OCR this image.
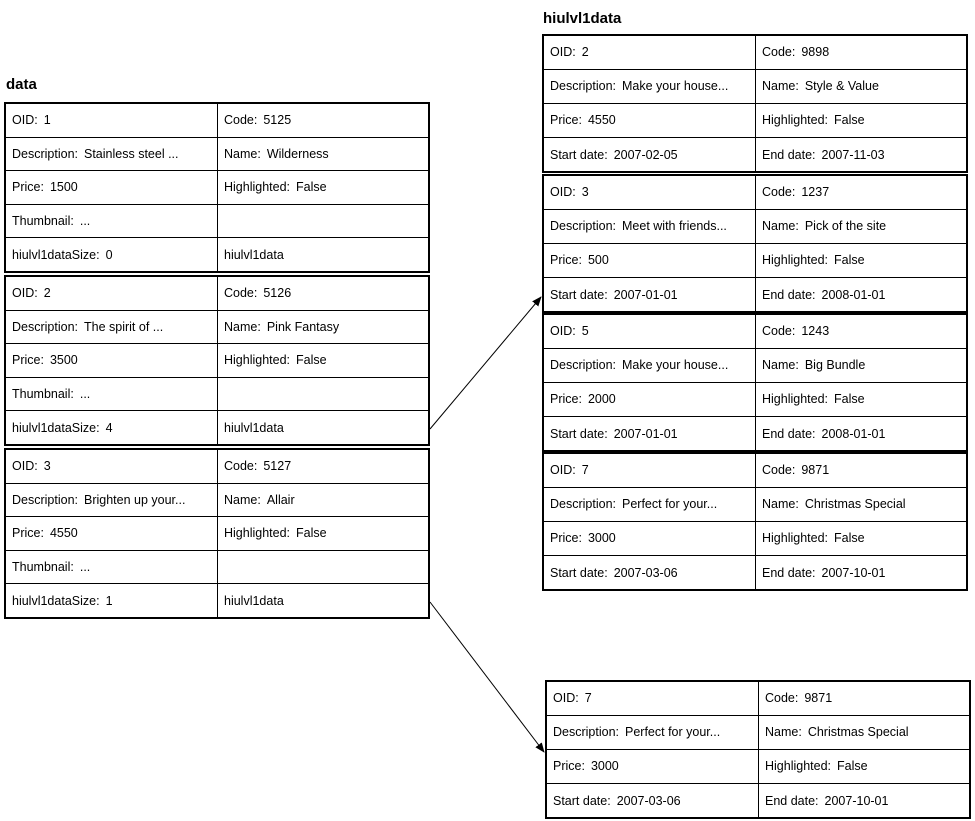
data
hiulvl1data
OID: 1	Code: 5125
Description: Stainless steel ...	Name: Wilderness
Price: 1500	Highlighted: False
Thumbnail: ...
hiulvl1dataSize: 0	hiulvl1data
OID: 2	Code: 5126
Description: The spirit of ...	Name: Pink Fantasy
Price: 3500	Highlighted: False
Thumbnail: ...
hiulvl1dataSize: 4	hiulvl1data
OID: 3	Code: 5127
Description: Brighten up your...	Name: Allair
Price: 4550	Highlighted: False
Thumbnail: ...
hiulvl1dataSize: 1	hiulvl1data
OID: 2	Code: 9898
Description: Make your house...	Name: Style & Value
Price: 4550	Highlighted: False
Start date: 2007-02-05	End date: 2007-11-03
OID: 3	Code: 1237
Description: Meet with friends...	Name: Pick of the site
Price: 500	Highlighted: False
Start date: 2007-01-01	End date: 2008-01-01
OID: 5	Code: 1243
Description: Make your house...	Name: Big Bundle
Price: 2000	Highlighted: False
Start date: 2007-01-01	End date: 2008-01-01
OID: 7	Code: 9871
Description: Perfect for your...	Name: Christmas Special
Price: 3000	Highlighted: False
Start date: 2007-03-06	End date: 2007-10-01
OID: 7	Code: 9871
Description: Perfect for your...	Name: Christmas Special
Price: 3000	Highlighted: False
Start date: 2007-03-06	End date: 2007-10-01
